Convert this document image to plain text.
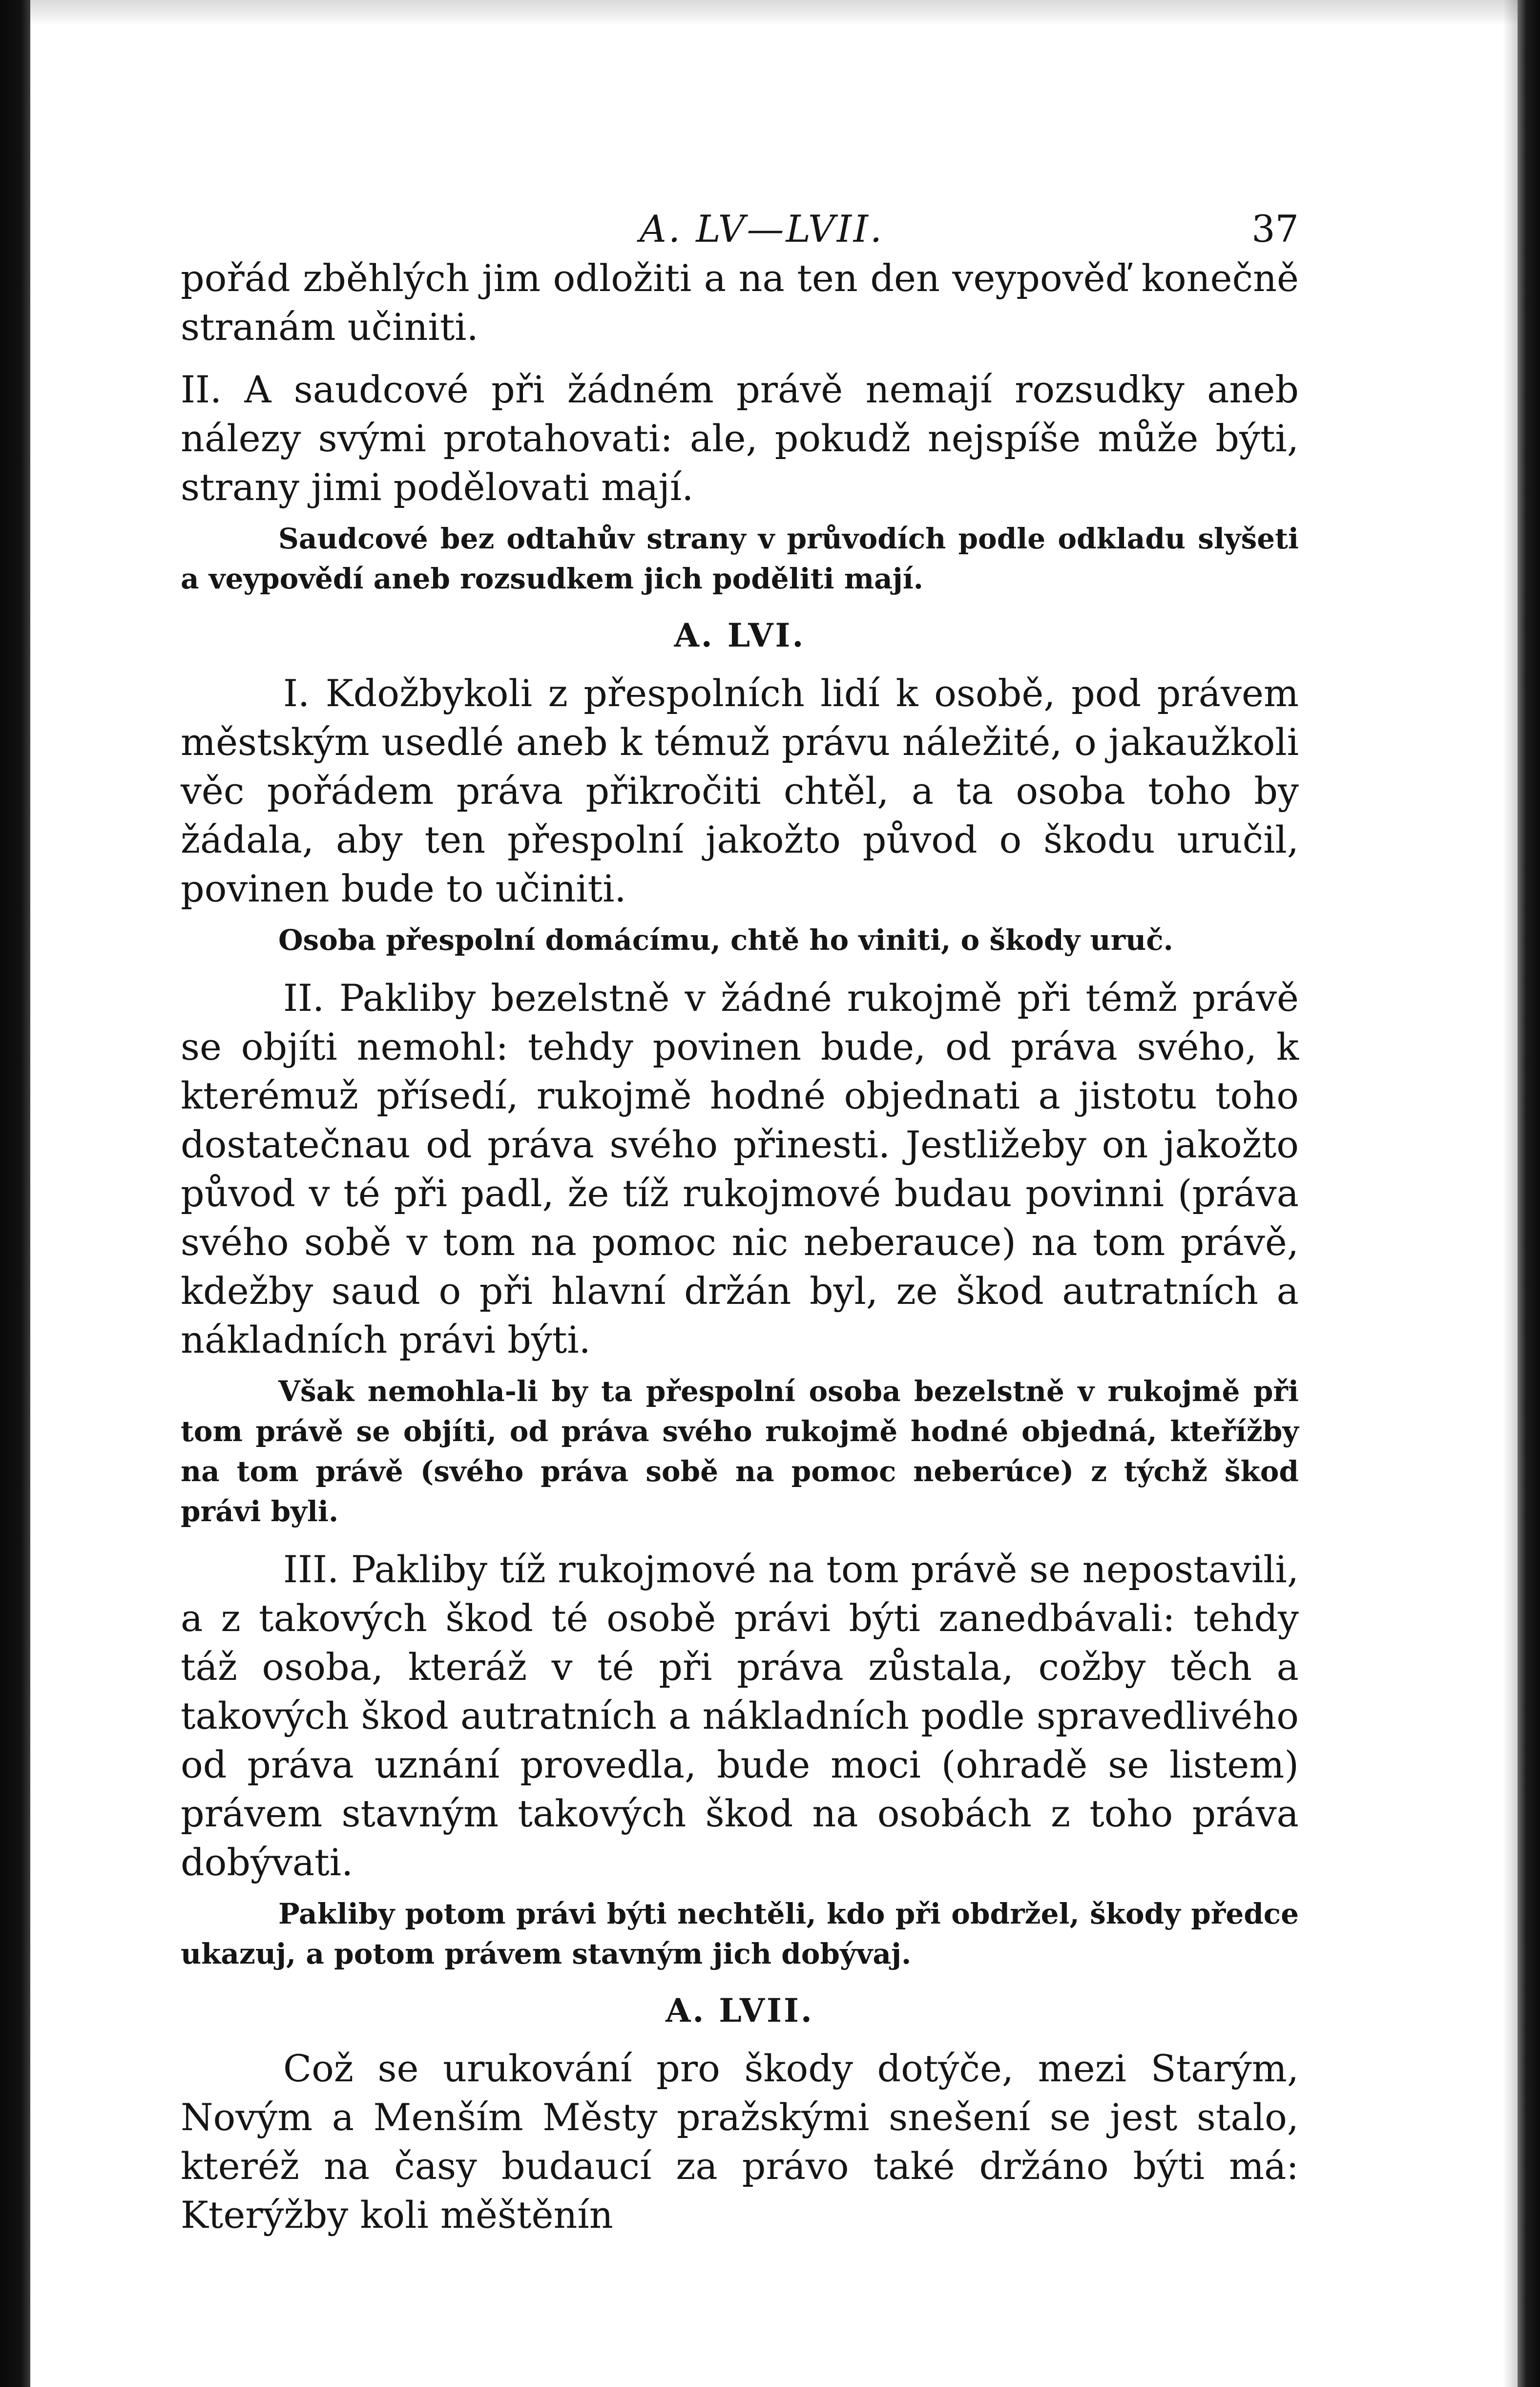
A. LV—LVII.	37

pořád zběhlých jim odložiti a na ten den veypověď konečně stranám učiniti.

II. A saudcové při žádném právě nemají rozsudky aneb nálezy svými protahovati: ale, pokudž nejspíše může býti, strany jimi podělovati mají.

Saudcové bez odtahův strany v průvodích podle odkladu slyšeti a veypovědí aneb rozsudkem jich poděliti mají.

A. LVI.

I. Kdožbykoli z přespolních lidí k osobě, pod právem městským usedlé aneb k témuž právu náležité, o jakaužkoli věc pořádem práva přikročiti chtěl, a ta osoba toho by žádala, aby ten přespolní jakožto původ o škodu uručil, povinen bude to učiniti.

Osoba přespolní domácímu, chtě ho viniti, o škody uruč.

II. Pakliby bezelstně v žádné rukojmě při témž právě se objíti nemohl: tehdy povinen bude, od práva svého, k kterémuž přísedí, rukojmě hodné objednati a jistotu toho dostatečnau od práva svého přinesti. Jestližeby on jakožto původ v té při padl, že tíž rukojmové budau povinni (práva svého sobě v tom na pomoc nic neberauce) na tom právě, kdežby saud o při hlavní držán byl, ze škod autratních a nákladních právi býti.

Však nemohla-li by ta přespolní osoba bezelstně v rukojmě při tom právě se objíti, od práva svého rukojmě hodné objedná, kteřížby na tom právě (svého práva sobě na pomoc neberúce) z týchž škod právi byli.

III. Pakliby tíž rukojmové na tom právě se nepostavili, a z takových škod té osobě právi býti zanedbávali: tehdy táž osoba, kteráž v té při práva zůstala, cožby těch a takových škod autratních a nákladních podle spravedlivého od práva uznání provedla, bude moci (ohradě se listem) právem stavným takových škod na osobách z toho práva dobývati.

Pakliby potom právi býti nechtěli, kdo při obdržel, škody předce ukazuj, a potom právem stavným jich dobývaj.

A. LVII.

Což se urukování pro škody dotýče, mezi Starým, Novým a Menším Městy pražskými snešení se jest stalo, kteréž na časy budaucí za právo také držáno býti má: Kterýžby koli měštěnín
